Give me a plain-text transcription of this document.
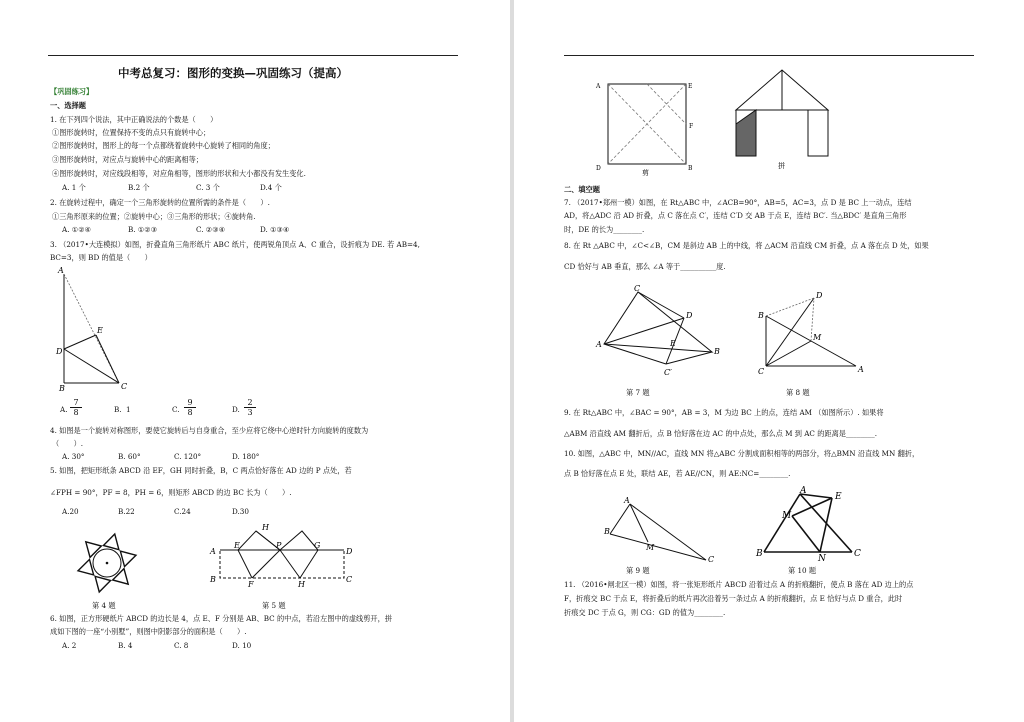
中考总复习：图形的变换—巩固练习（提高）
【巩固练习】
一、选择题
1. 在下列四个说法，其中正确说法的个数是（　　）
①图形旋转时，位置保持不变的点只有旋转中心；
②图形旋转时，图形上的每一个点都绕着旋转中心旋转了相同的角度；
③图形旋转时，对应点与旋转中心的距离相等；
④图形旋转时，对应线段相等，对应角相等，图形的形状和大小都没有发生变化.
A. 1 个	B.2 个	C. 3 个	D.4 个
2. 在旋转过程中，确定一个三角形旋转的位置所需的条件是（　　）.
①三角形原来的位置；②旋转中心；③三角形的形状；④旋转角.
A. ①②④	B. ①②③	C. ②③④	D. ①③④
3. （2017•大连模拟）如图，折叠直角三角形纸片 ABC 纸片，使两锐角顶点 A、C 重合，设折痕为 DE. 若 AB=4,
BC=3，则 BD 的值是（　　）
A
D
E
B	C
A. $\frac{7}{8}$	B. 1	C. $\frac{9}{8}$	D. $\frac{2}{3}$
4. 如图是一个旋转对称图形，要使它旋转后与自身重合，至少应将它绕中心逆时针方向旋转的度数为
（　　）.
A. 30°	B. 60°	C. 120°	D. 180°
5. 如图，把矩形纸条 ABCD 沿 EF，GH 同时折叠，B，C 两点恰好落在 AD 边的 P 点处，若
∠FPH = 90°，PF = 8，PH = 6，则矩形 ABCD 的边 BC 长为（　　）.
A.20	B.22	C.24	D.30
第 4 题
A
B
D
C
E
H
P	G
F	H
第 5 题
6. 如图，正方形硬纸片 ABCD 的边长是 4，点 E、F 分别是 AB、BC 的中点，若沿左图中的虚线剪开，拼
成如下图的一座“小别墅”，则图中阴影部分的面积是（　　）.
A. 2	B. 4	C. 8	D. 10
A	E
F
D	B
剪
拼
二、填空题
7. （2017•郑州一模）如图，在 Rt△ABC 中，∠ACB=90°，AB=5，AC=3，点 D 是 BC 上一动点，连结
AD，将△ADC 沿 AD 折叠，点 C 落在点 C′，连结 C′D 交 AB 于点 E，连结 BC′. 当△BDC′ 是直角三角形
时，DE 的长为________.
8. 在 Rt △ABC 中，∠C<∠B，CM 是斜边 AB 上的中线，将 △ACM 沿直线 CM 折叠，点 A 落在点 D 处，如果
CD 恰好与 AB 垂直，那么 ∠A 等于__________度.
A
C
D
E
B
C′
第 7 题
D
B
M
C	A
第 8 题
9. 在 Rt△ABC 中，∠BAC = 90°，AB = 3，M 为边 BC 上的点，连结 AM （如图所示）. 如果将
△ABM 沿直线 AM 翻折后，点 B 恰好落在边 AC 的中点处，那么点 M 到 AC 的距离是________.
10. 如图，△ABC 中，MN//AC，直线 MN 将△ABC 分割成面积相等的两部分，将△BMN 沿直线 MN 翻折，
点 B 恰好落在点 E 处，联结 AE，若 AE//CN，则 AE:NC=________.
A
B
M
C
第 9 题
A
E
M
B	N	C
第 10 题
11. （2016•闸北区一模）如图，将一张矩形纸片 ABCD 沿着过点 A 的折痕翻折，使点 B 落在 AD 边上的点
F，折痕交 BC 于点 E，将折叠后的纸片再次沿着另一条过点 A 的折痕翻折，点 E 恰好与点 D 重合，此时
折痕交 DC 于点 G，则 CG：GD 的值为________.
